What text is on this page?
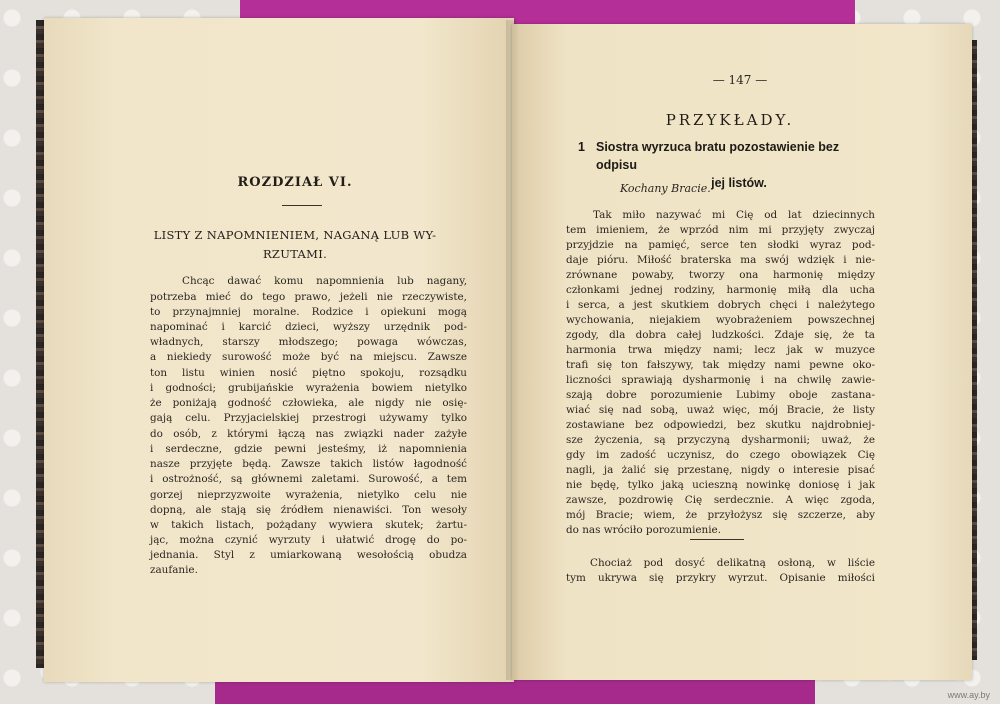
ROZDZIAŁ VI.
LISTY Z NAPOMNIENIEM, NAGANĄ LUB WY-
RZUTAMI.
Chcąc dawać komu napomnienia lub nagany,
potrzeba mieć do tego prawo, jeżeli nie rzeczywiste,
to przynajmniej moralne. Rodzice i opiekuni mogą
napominać i karcić dzieci, wyższy urzędnik pod-
władnych, starszy młodszego; powaga wówczas,
a niekiedy surowość może być na miejscu. Zawsze
ton listu winien nosić piętno spokoju, rozsądku
i godności; grubijańskie wyrażenia bowiem nietylko
że poniżają godność człowieka, ale nigdy nie osię-
gają celu. Przyjacielskiej przestrogi używamy tylko
do osób, z którymi łączą nas związki nader zażyłe
i serdeczne, gdzie pewni jesteśmy, iż napomnienia
nasze przyjęte będą. Zawsze takich listów łagodność
i ostrożność, są głównemi zaletami. Surowość, a tem
gorzej nieprzyzwoite wyrażenia, nietylko celu nie
dopną, ale stają się źródłem nienawiści. Ton wesoły
w takich listach, pożądany wywiera skutek; żartu-
jąc, można czynić wyrzuty i ułatwić drogę do po-
jednania. Styl z umiarkowaną wesołością obudza
zaufanie.
— 147 —
PRZYKŁADY.
1 Siostra wyrzuca bratu pozostawienie bez odpisu
jej listów.
Kochany Bracie.
Tak miło nazywać mi Cię od lat dziecinnych
tem imieniem, że wprzód nim mi przyjęty zwyczaj
przyjdzie na pamięć, serce ten słodki wyraz pod-
daje pióru. Miłość braterska ma swój wdzięk i nie-
zrównane powaby, tworzy ona harmonię między
członkami jednej rodziny, harmonię miłą dla ucha
i serca, a jest skutkiem dobrych chęci i należytego
wychowania, niejakiem wyobrażeniem powszechnej
zgody, dla dobra całej ludzkości. Zdaje się, że ta
harmonia trwa między nami; lecz jak w muzyce
trafi się ton fałszywy, tak między nami pewne oko-
liczności sprawiają dysharmonię i na chwilę zawie-
szają dobre porozumienie Lubimy oboje zastana-
wiać się nad sobą, uważ więc, mój Bracie, że listy
zostawiane bez odpowiedzi, bez skutku najdrobniej-
sze życzenia, są przyczyną dysharmonii; uważ, że
gdy im zadość uczynisz, do czego obowiązek Cię
nagli, ja żalić się przestanę, nigdy o interesie pisać
nie będę, tylko jaką ucieszną nowinkę doniosę i jak
zawsze, pozdrowię Cię serdecznie. A więc zgoda,
mój Bracie; wiem, że przyłożysz się szczerze, aby
do nas wróciło porozumienie.
Chociaż pod dosyć delikatną osłoną, w liście
tym ukrywa się przykry wyrzut. Opisanie miłości
www.ay.by
